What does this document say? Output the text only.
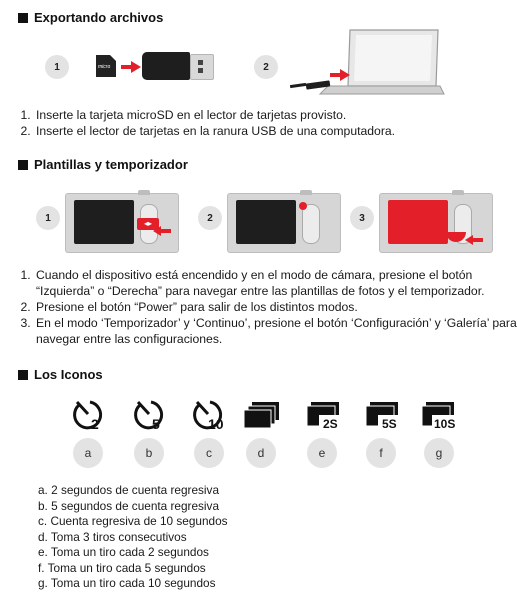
Exportando archivos
1	micro	2
1. Inserte la tarjeta microSD en el lector de tarjetas provisto.
2. Inserte el lector de tarjetas en la ranura USB de una computadora.
Plantillas y temporizador
1	◂▸	2	3
1. Cuando el dispositivo está encendido y en el modo de cámara, presione el botón “Izquierda” o “Derecha” para navegar entre las plantillas de fotos y el temporizador.
2. Presione el botón “Power” para salir de los distintos modos.
3. En el modo ‘Temporizador’ y ‘Continuo’, presione el botón ‘Configuración’ y ‘Galería’ para navegar entre las configuraciones.
Los Iconos
2	5	10	2S	5S	10S
a	b	c	d	e	f	g
a. 2 segundos de cuenta regresiva
b. 5 segundos de cuenta regresiva
c. Cuenta regresiva de 10 segundos
d. Toma 3 tiros consecutivos
e. Toma un tiro cada 2 segundos
f. Toma un tiro cada 5 segundos
g. Toma un tiro cada 10 segundos
